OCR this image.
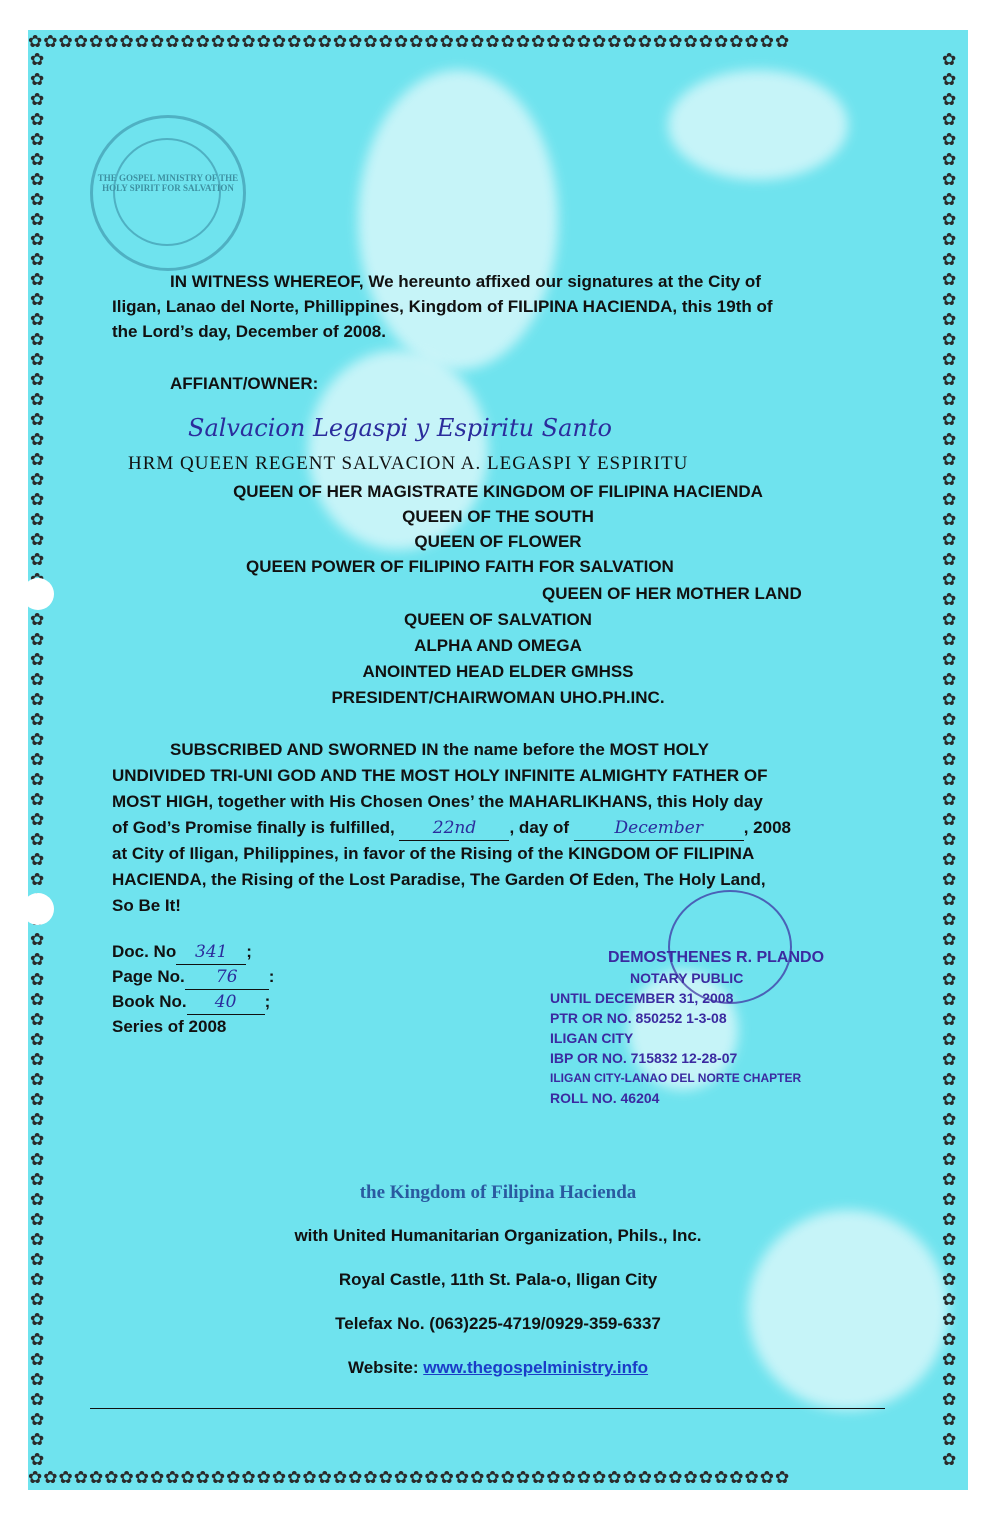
✿✿✿✿✿✿✿✿✿✿✿✿✿✿✿✿✿✿✿✿✿✿✿✿✿✿✿✿✿✿✿✿✿✿✿✿✿✿✿✿✿✿✿✿✿✿✿✿✿✿
✿✿✿✿✿✿✿✿✿✿✿✿✿✿✿✿✿✿✿✿✿✿✿✿✿✿✿✿✿✿✿✿✿✿✿✿✿✿✿✿✿✿✿✿✿✿✿✿✿✿
✿✿✿✿✿✿✿✿✿✿✿✿✿✿✿✿✿✿✿✿✿✿✿✿✿✿ ✿✿✿✿✿✿✿✿✿✿✿✿✿✿ ✿✿✿✿✿✿✿✿✿✿✿✿✿✿✿✿✿✿✿✿✿✿✿✿✿✿✿
✿✿✿✿✿✿✿✿✿✿✿✿✿✿✿✿✿✿✿✿✿✿✿✿✿✿✿✿✿✿✿✿✿✿✿✿✿✿✿✿✿✿✿✿✿✿✿✿✿✿✿✿✿✿✿✿✿✿✿✿✿✿✿✿✿✿✿✿✿✿✿
THE GOSPEL MINISTRY OF THE HOLY SPIRIT FOR SALVATION
IN WITNESS WHEREOF, We hereunto affixed our signatures at the City of
Iligan, Lanao del Norte, Phillippines, Kingdom of FILIPINA HACIENDA, this 19th of
the Lord’s day, December of 2008.
AFFIANT/OWNER:
Salvacion Legaspi y Espiritu Santo
HRM QUEEN REGENT SALVACION A. LEGASPI Y ESPIRITU
QUEEN OF HER MAGISTRATE KINGDOM OF FILIPINA HACIENDA
QUEEN OF THE SOUTH
QUEEN OF FLOWER
QUEEN POWER OF FILIPINO FAITH FOR SALVATION
QUEEN OF HER MOTHER LAND
QUEEN OF SALVATION
ALPHA AND OMEGA
ANOINTED HEAD ELDER GMHSS
PRESIDENT/CHAIRWOMAN UHO.PH.INC.
SUBSCRIBED AND SWORNED IN the name before the MOST HOLY
UNDIVIDED TRI-UNI GOD AND THE MOST HOLY INFINITE ALMIGHTY FATHER OF
MOST HIGH, together with His Chosen Ones’ the MAHARLIKHANS, this Holy day
of God’s Promise finally is fulfilled, 22nd , day of	December , 2008
at City of Iligan, Philippines, in favor of the Rising of the KINGDOM OF FILIPINA
HACIENDA, the Rising of the Lost Paradise, The Garden Of Eden, The Holy Land,
So Be It!
Doc. No 341 ;
Page No. 76 :
Book No. 40 ;
Series of 2008
DEMOSTHENES R. PLANDO
NOTARY PUBLIC
UNTIL DECEMBER 31, 2008
PTR OR NO. 850252 1-3-08
ILIGAN CITY
IBP OR NO. 715832 12-28-07
ILIGAN CITY-LANAO DEL NORTE CHAPTER
ROLL NO. 46204
the Kingdom of Filipina Hacienda
with United Humanitarian Organization, Phils., Inc.
Royal Castle, 11th St. Pala-o, Iligan City
Telefax No. (063)225-4719/0929-359-6337
Website: www.thegospelministry.info
